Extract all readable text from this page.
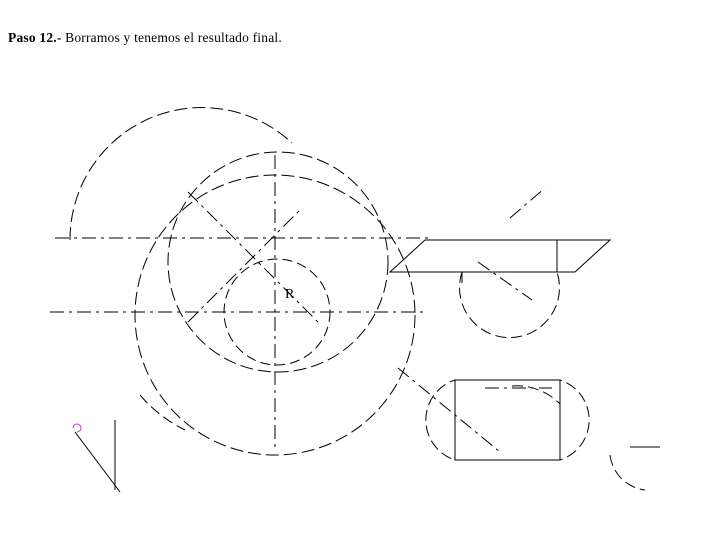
Paso 12.- Borramos y tenemos el resultado final.
R
